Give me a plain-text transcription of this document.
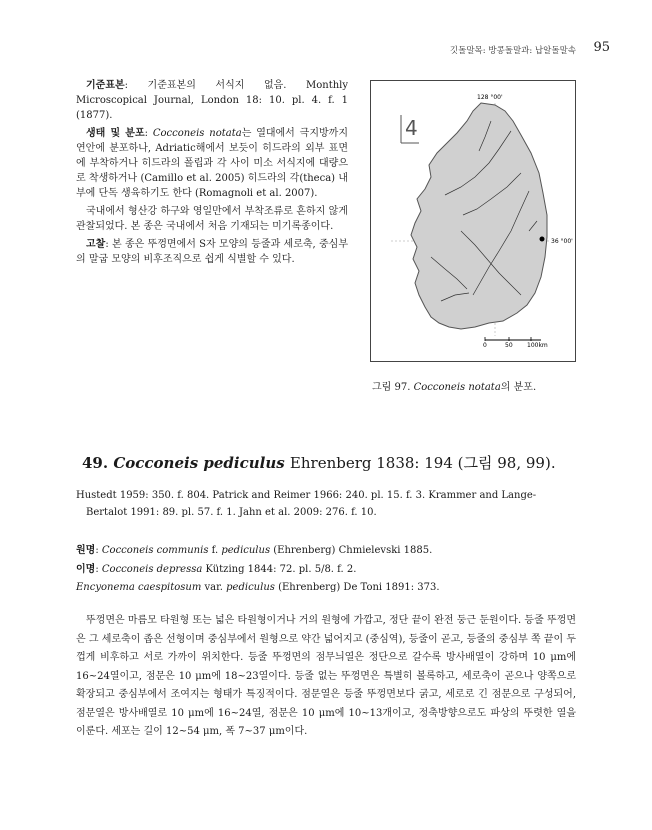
깃돌말목: 방콩돌말과: 납알돌말속 95

기준표본: 기준표본의 서식지 없음. Monthly Microscopical Journal, London 18: 10. pl. 4. f. 1 (1877).

생태 및 분포: Cocconeis notata는 열대에서 극지방까지 연안에 분포하나, Adriatic해에서 보듯이 히드라의 외부 표면에 부착하거나 히드라의 폴립과 각 사이 미소 서식지에 대량으로 착생하거나 (Camillo et al. 2005) 히드라의 각(theca) 내부에 단독 생육하기도 한다 (Romagnoli et al. 2007).

국내에서 형산강 하구와 영일만에서 부착조류로 흔하지 않게 관찰되었다. 본 종은 국내에서 처음 기재되는 미기록종이다.

고찰: 본 종은 뚜껑면에서 S자 모양의 등줄과 세로축, 중심부의 말굽 모양의 비후조직으로 쉽게 식별할 수 있다.

4
128 °00'
36 °00'
0	50 100km
그림 97. Cocconeis notata의 분포.
49. Cocconeis pediculus Ehrenberg 1838: 194 (그림 98, 99).
Hustedt 1959: 350. f. 804. Patrick and Reimer 1966: 240. pl. 15. f. 3. Krammer and Lange-Bertalot 1991: 89. pl. 57. f. 1. Jahn et al. 2009: 276. f. 10.
원명: Cocconeis communis f. pediculus (Ehrenberg) Chmielevski 1885.
이명: Cocconeis depressa Kützing 1844: 72. pl. 5/8. f. 2.
Encyonema caespitosum var. pediculus (Ehrenberg) De Toni 1891: 373.
뚜껑면은 마름모 타원형 또는 넓은 타원형이거나 거의 원형에 가깝고, 정단 끝이 완전 둥근 둔원이다. 등줄 뚜껑면은 그 세로축이 좁은 선형이며 중심부에서 원형으로 약간 넓어지고 (중심역), 등줄이 곧고, 등줄의 중심부 쪽 끝이 두껍게 비후하고 서로 가까이 위치한다. 등줄 뚜껑면의 점무늬열은 정단으로 갈수록 방사배열이 강하며 10 μm에 16~24열이고, 점문은 10 μm에 18~23열이다. 등줄 없는 뚜껑면은 특별히 볼록하고, 세로축이 곧으나 양쪽으로 확장되고 중심부에서 조여지는 형태가 특징적이다. 점문열은 등줄 뚜껑면보다 굵고, 세로로 긴 점문으로 구성되어, 점문열은 방사배열로 10 μm에 16~24열, 점문은 10 μm에 10~13개이고, 정축방향으로도 파상의 뚜렷한 열을 이룬다. 세포는 길이 12~54 μm, 폭 7~37 μm이다.
